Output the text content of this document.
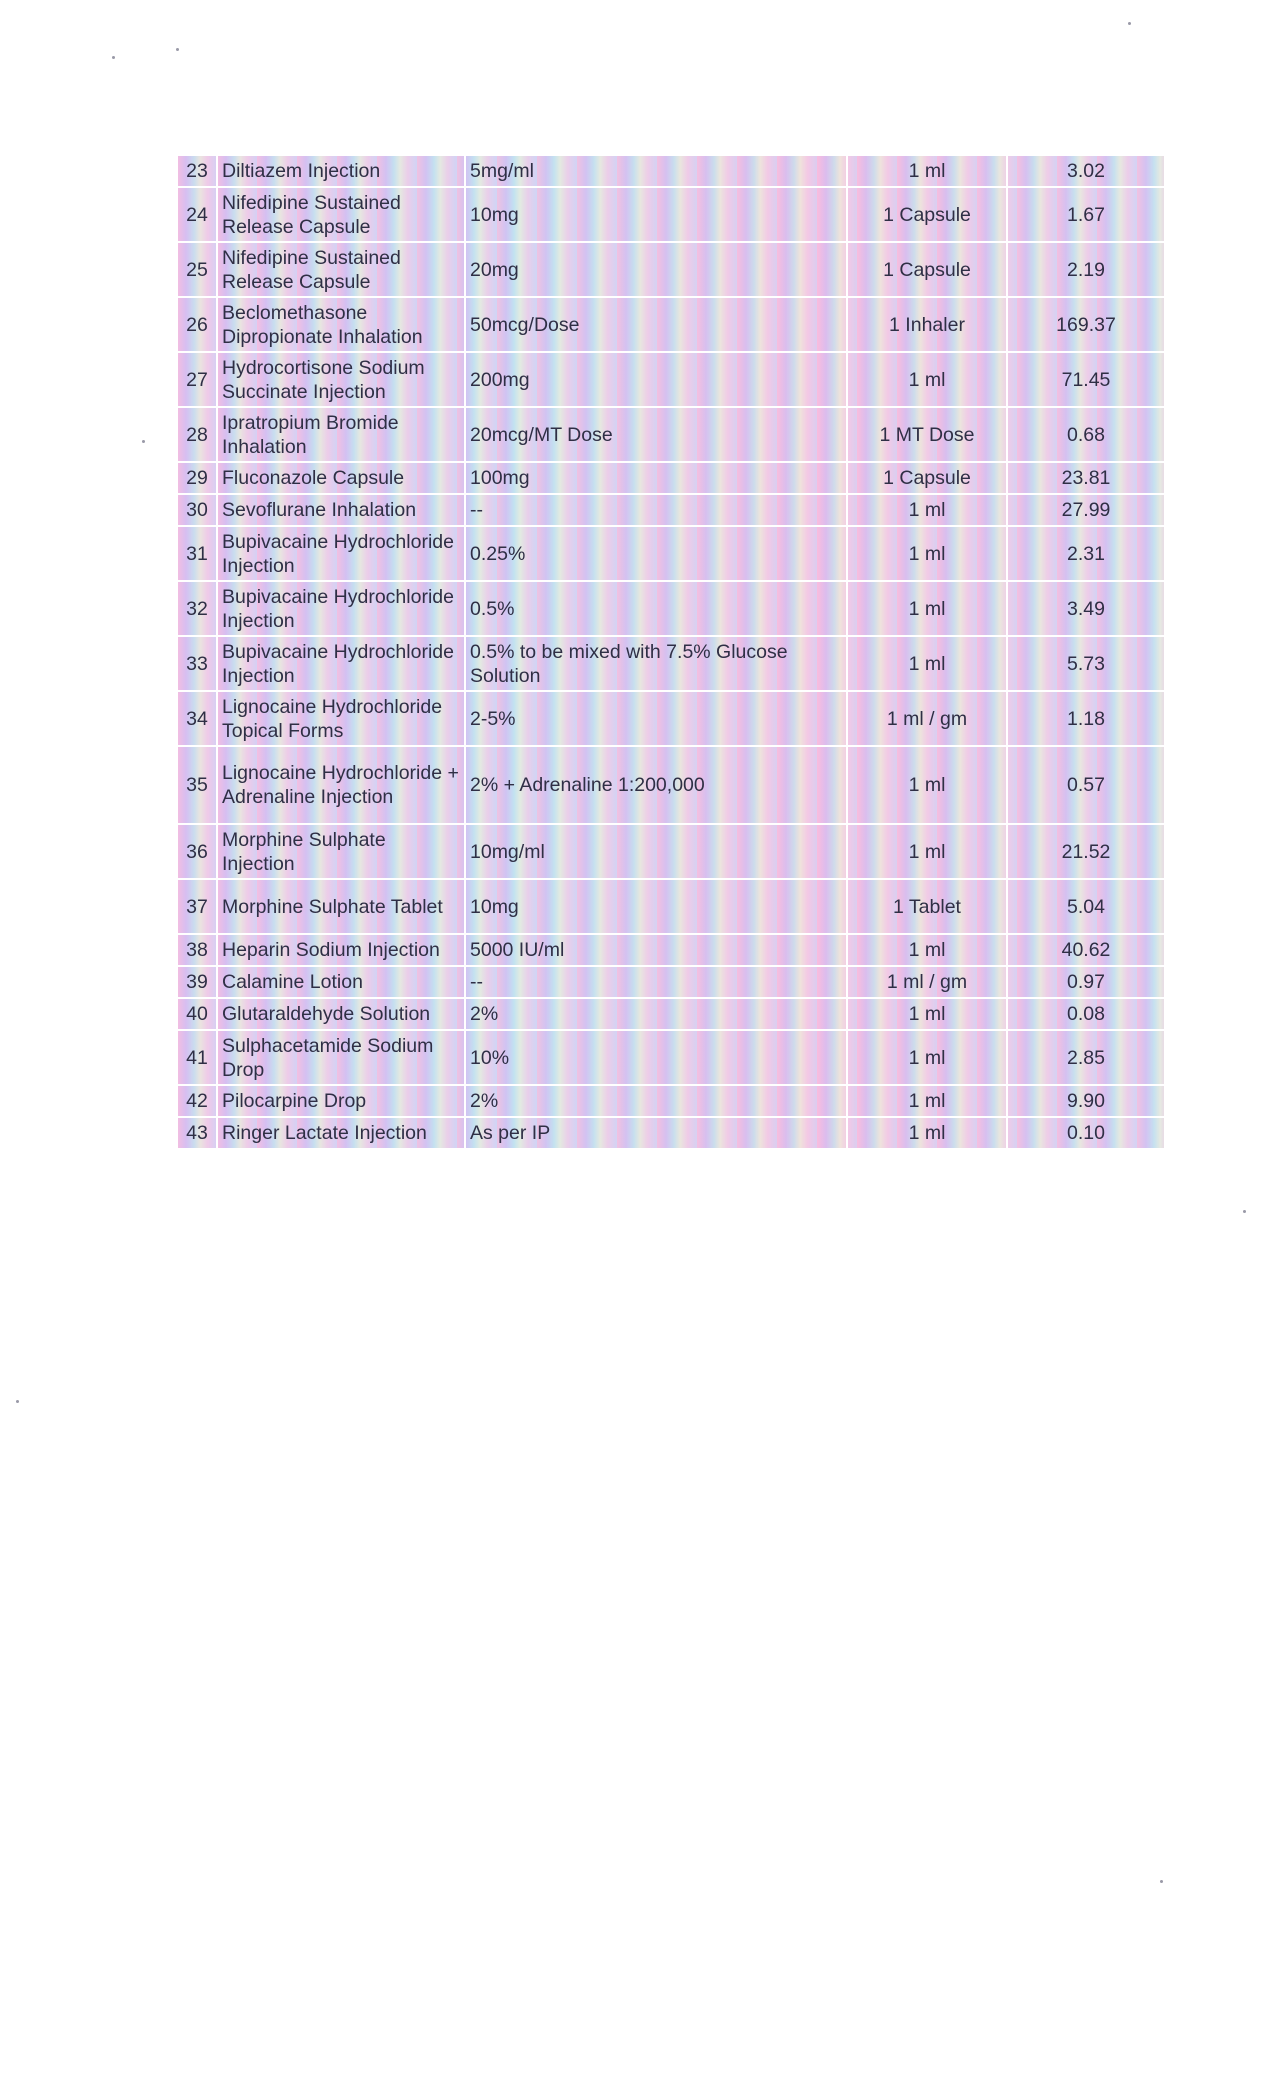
23	Diltiazem Injection	5mg/ml	1 ml	3.02
24	Nifedipine Sustained Release Capsule	10mg	1 Capsule	1.67
25	Nifedipine Sustained Release Capsule	20mg	1 Capsule	2.19
26	Beclomethasone Dipropionate Inhalation	50mcg/Dose	1 Inhaler	169.37
27	Hydrocortisone Sodium Succinate Injection	200mg	1 ml	71.45
28	Ipratropium Bromide Inhalation	20mcg/MT Dose	1 MT Dose	0.68
29	Fluconazole Capsule	100mg	1 Capsule	23.81
30	Sevoflurane Inhalation	--	1 ml	27.99
31	Bupivacaine Hydrochloride Injection	0.25%	1 ml	2.31
32	Bupivacaine Hydrochloride Injection	0.5%	1 ml	3.49
33	Bupivacaine Hydrochloride Injection	0.5% to be mixed with 7.5% Glucose Solution	1 ml	5.73
34	Lignocaine Hydrochloride Topical Forms	2-5%	1 ml / gm	1.18
35	Lignocaine Hydrochloride + Adrenaline Injection	2% + Adrenaline 1:200,000	1 ml	0.57
36	Morphine Sulphate Injection	10mg/ml	1 ml	21.52
37	Morphine Sulphate Tablet	10mg	1 Tablet	5.04
38	Heparin Sodium Injection	5000 IU/ml	1 ml	40.62
39	Calamine Lotion	--	1 ml / gm	0.97
40	Glutaraldehyde Solution	2%	1 ml	0.08
41	Sulphacetamide Sodium Drop	10%	1 ml	2.85
42	Pilocarpine Drop	2%	1 ml	9.90
43	Ringer Lactate Injection	As per IP	1 ml	0.10
